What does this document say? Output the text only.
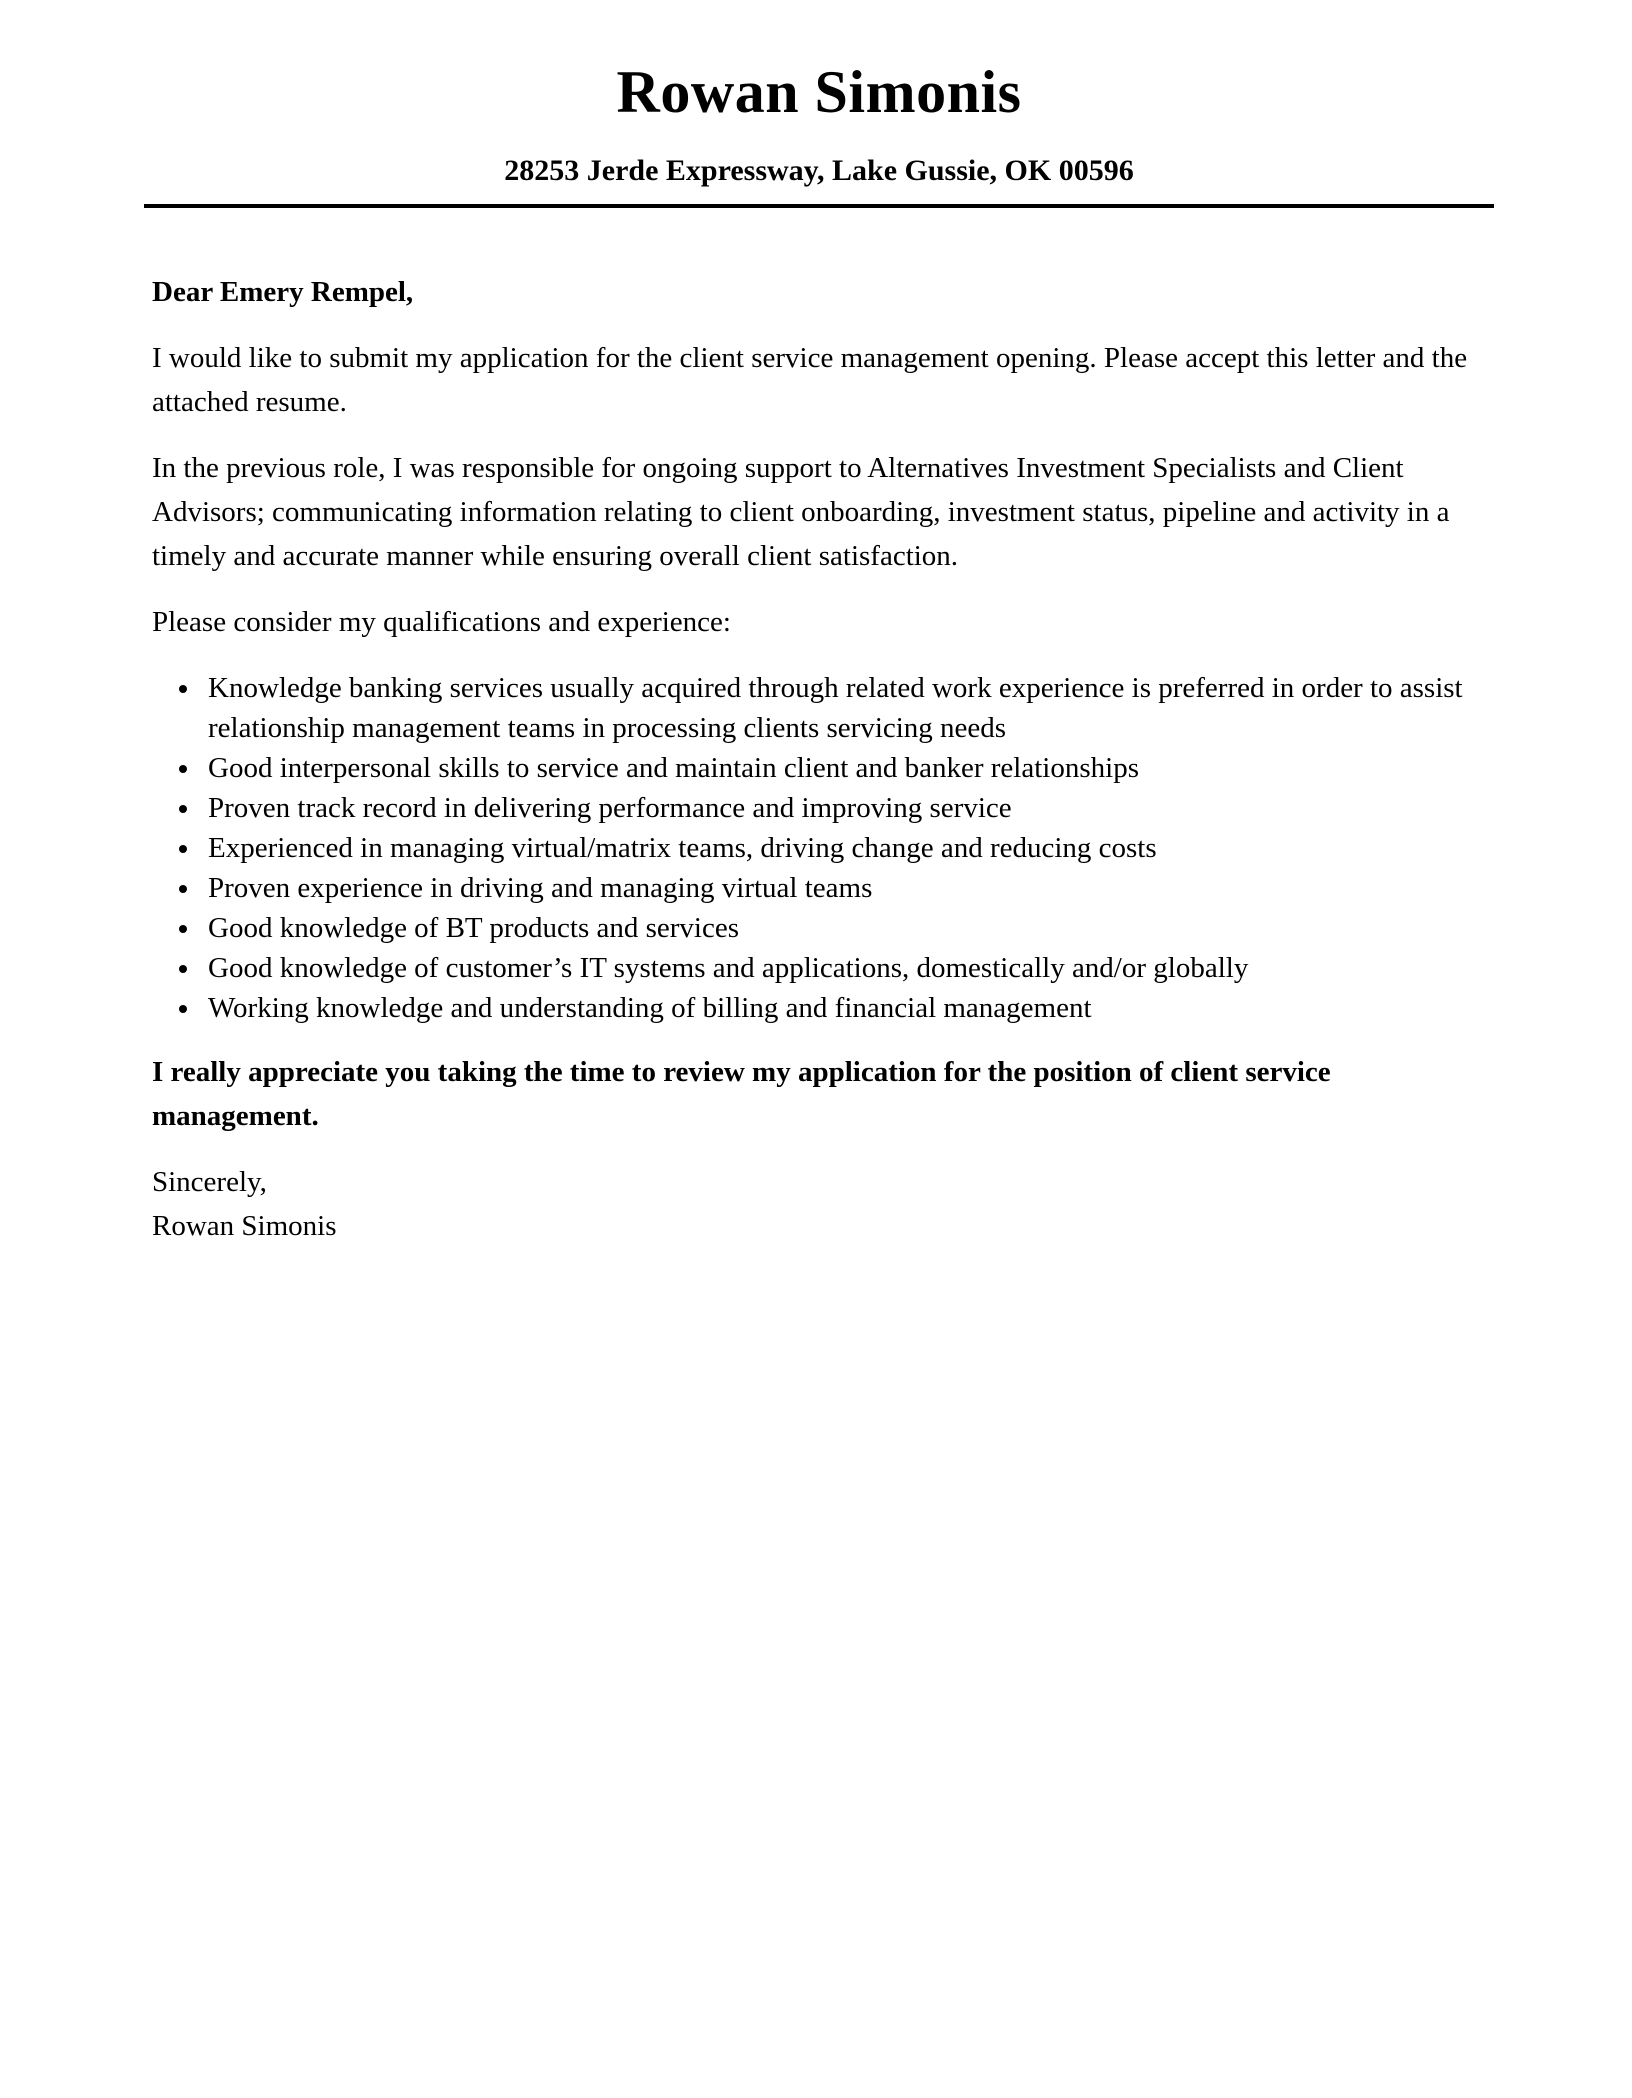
Rowan Simonis
28253 Jerde Expressway, Lake Gussie, OK 00596

Dear Emery Rempel,

I would like to submit my application for the client service management opening. Please accept this letter and the attached resume.

In the previous role, I was responsible for ongoing support to Alternatives Investment Specialists and Client Advisors; communicating information relating to client onboarding, investment status, pipeline and activity in a timely and accurate manner while ensuring overall client satisfaction.

Please consider my qualifications and experience:

• Knowledge banking services usually acquired through related work experience is preferred in order to assist relationship management teams in processing clients servicing needs
• Good interpersonal skills to service and maintain client and banker relationships
• Proven track record in delivering performance and improving service
• Experienced in managing virtual/matrix teams, driving change and reducing costs
• Proven experience in driving and managing virtual teams
• Good knowledge of BT products and services
• Good knowledge of customer’s IT systems and applications, domestically and/or globally
• Working knowledge and understanding of billing and financial management

I really appreciate you taking the time to review my application for the position of client service management.

Sincerely,
Rowan Simonis
